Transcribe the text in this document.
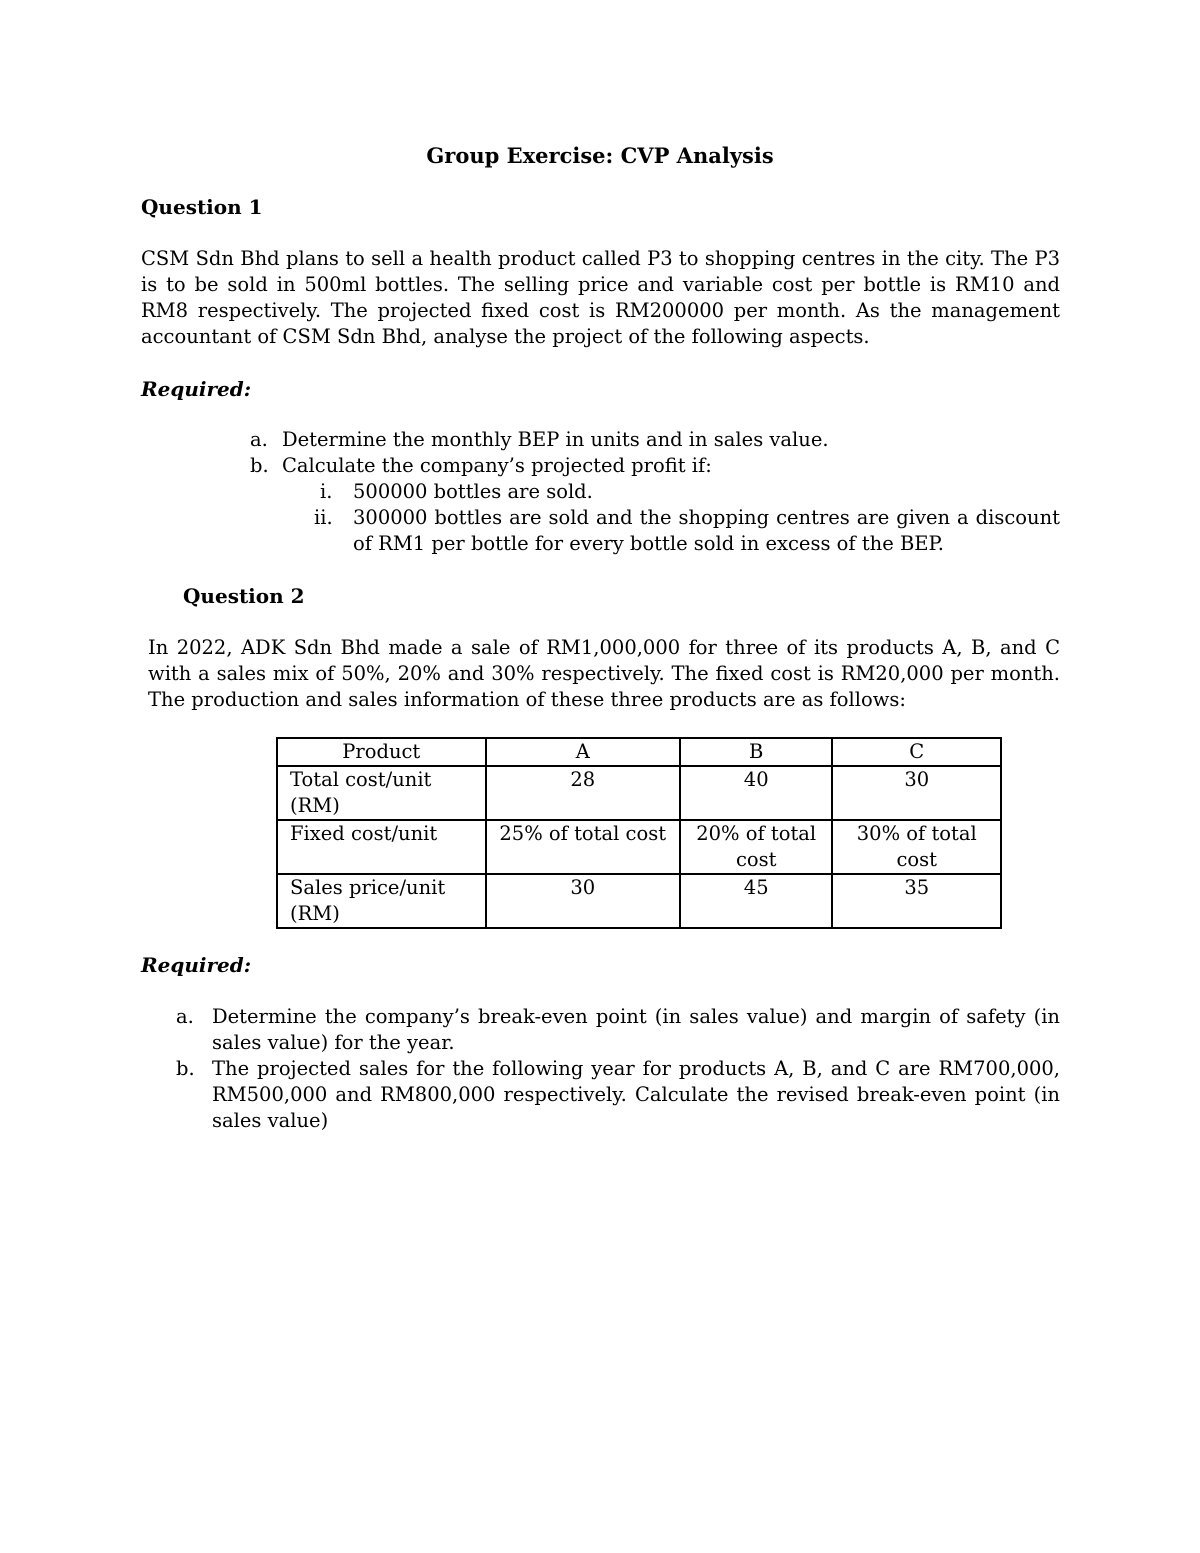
Group Exercise: CVP Analysis
Question 1
CSM Sdn Bhd plans to sell a health product called P3 to shopping centres in the city. The P3 is to be sold in 500ml bottles. The selling price and variable cost per bottle is RM10 and RM8 respectively. The projected fixed cost is RM200000 per month. As the management accountant of CSM Sdn Bhd, analyse the project of the following aspects.
Required:
a. Determine the monthly BEP in units and in sales value.
b. Calculate the company’s projected profit if:
i. 500000 bottles are sold.
ii. 300000 bottles are sold and the shopping centres are given a discount of RM1 per bottle for every bottle sold in excess of the BEP.
Question 2
In 2022, ADK Sdn Bhd made a sale of RM1,000,000 for three of its products A, B, and C with a sales mix of 50%, 20% and 30% respectively. The fixed cost is RM20,000 per month. The production and sales information of these three products are as follows:
Product	A	B	C
Total cost/unit (RM)	28	40	30
Fixed cost/unit	25% of total cost	20% of total cost	30% of total cost
Sales price/unit (RM)	30	45	35
Required:
a. Determine the company’s break-even point (in sales value) and margin of safety (in sales value) for the year.
b. The projected sales for the following year for products A, B, and C are RM700,000, RM500,000 and RM800,000 respectively. Calculate the revised break-even point (in sales value)
